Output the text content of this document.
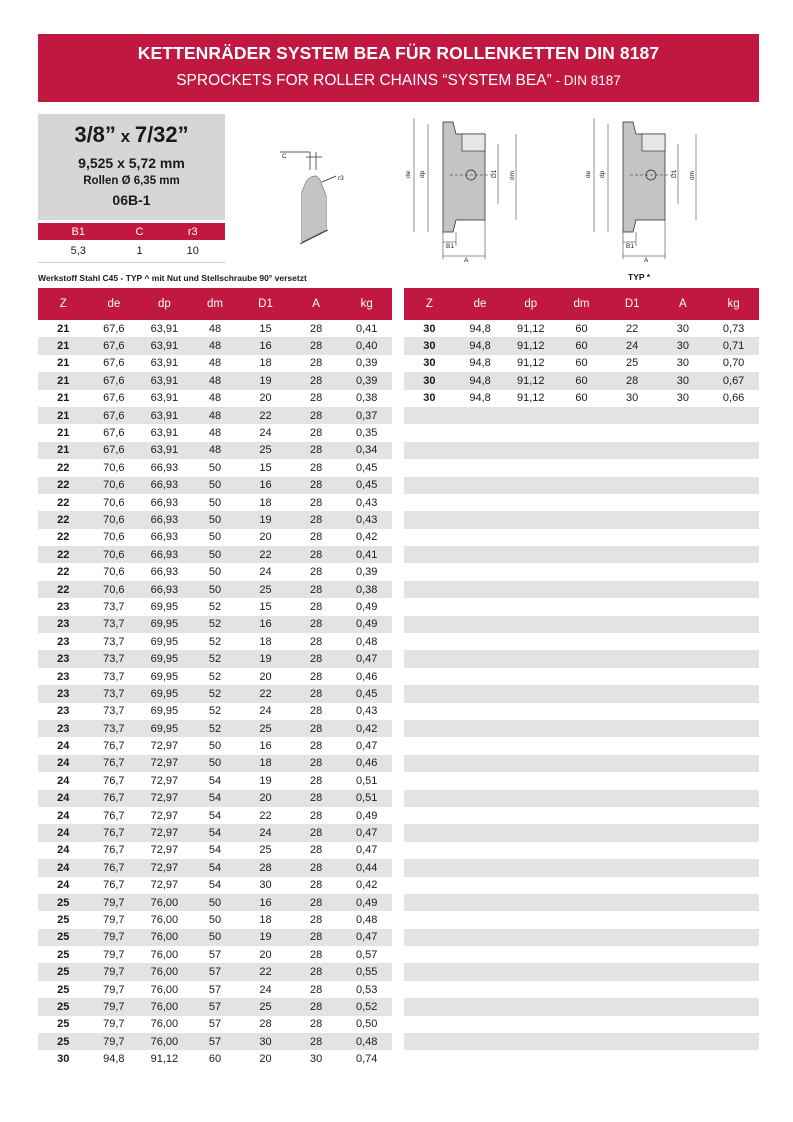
KETTENRÄDER SYSTEM BEA FÜR ROLLENKETTEN DIN 8187
SPROCKETS FOR ROLLER CHAINS “SYSTEM BEA” - DIN 8187
3/8” x 7/32”
9,525 x 5,72 mm
Rollen Ø 6,35 mm
06B-1
B1	C	r3
5,3	1	10
C
r3
de dp	D1 dm
B1
A
de dp	D1 dm
B1
A
Werkstoff Stahl C45 - TYP ^ mit Nut und Stellschraube 90° versetzt	TYP *
Z	de	dp	dm	D1	A	kg
21	67,6	63,91	48	15	28	0,41
21	67,6	63,91	48	16	28	0,40
21	67,6	63,91	48	18	28	0,39
21	67,6	63,91	48	19	28	0,39
21	67,6	63,91	48	20	28	0,38
21	67,6	63,91	48	22	28	0,37
21	67,6	63,91	48	24	28	0,35
21	67,6	63,91	48	25	28	0,34
22	70,6	66,93	50	15	28	0,45
22	70,6	66,93	50	16	28	0,45
22	70,6	66,93	50	18	28	0,43
22	70,6	66,93	50	19	28	0,43
22	70,6	66,93	50	20	28	0,42
22	70,6	66,93	50	22	28	0,41
22	70,6	66,93	50	24	28	0,39
22	70,6	66,93	50	25	28	0,38
23	73,7	69,95	52	15	28	0,49
23	73,7	69,95	52	16	28	0,49
23	73,7	69,95	52	18	28	0,48
23	73,7	69,95	52	19	28	0,47
23	73,7	69,95	52	20	28	0,46
23	73,7	69,95	52	22	28	0,45
23	73,7	69,95	52	24	28	0,43
23	73,7	69,95	52	25	28	0,42
24	76,7	72,97	50	16	28	0,47
24	76,7	72,97	50	18	28	0,46
24	76,7	72,97	54	19	28	0,51
24	76,7	72,97	54	20	28	0,51
24	76,7	72,97	54	22	28	0,49
24	76,7	72,97	54	24	28	0,47
24	76,7	72,97	54	25	28	0,47
24	76,7	72,97	54	28	28	0,44
24	76,7	72,97	54	30	28	0,42
25	79,7	76,00	50	16	28	0,49
25	79,7	76,00	50	18	28	0,48
25	79,7	76,00	50	19	28	0,47
25	79,7	76,00	57	20	28	0,57
25	79,7	76,00	57	22	28	0,55
25	79,7	76,00	57	24	28	0,53
25	79,7	76,00	57	25	28	0,52
25	79,7	76,00	57	28	28	0,50
25	79,7	76,00	57	30	28	0,48
30	94,8	91,12	60	20	30	0,74
Z	de	dp	dm	D1	A	kg
30	94,8	91,12	60	22	30	0,73
30	94,8	91,12	60	24	30	0,71
30	94,8	91,12	60	25	30	0,70
30	94,8	91,12	60	28	30	0,67
30	94,8	91,12	60	30	30	0,66
